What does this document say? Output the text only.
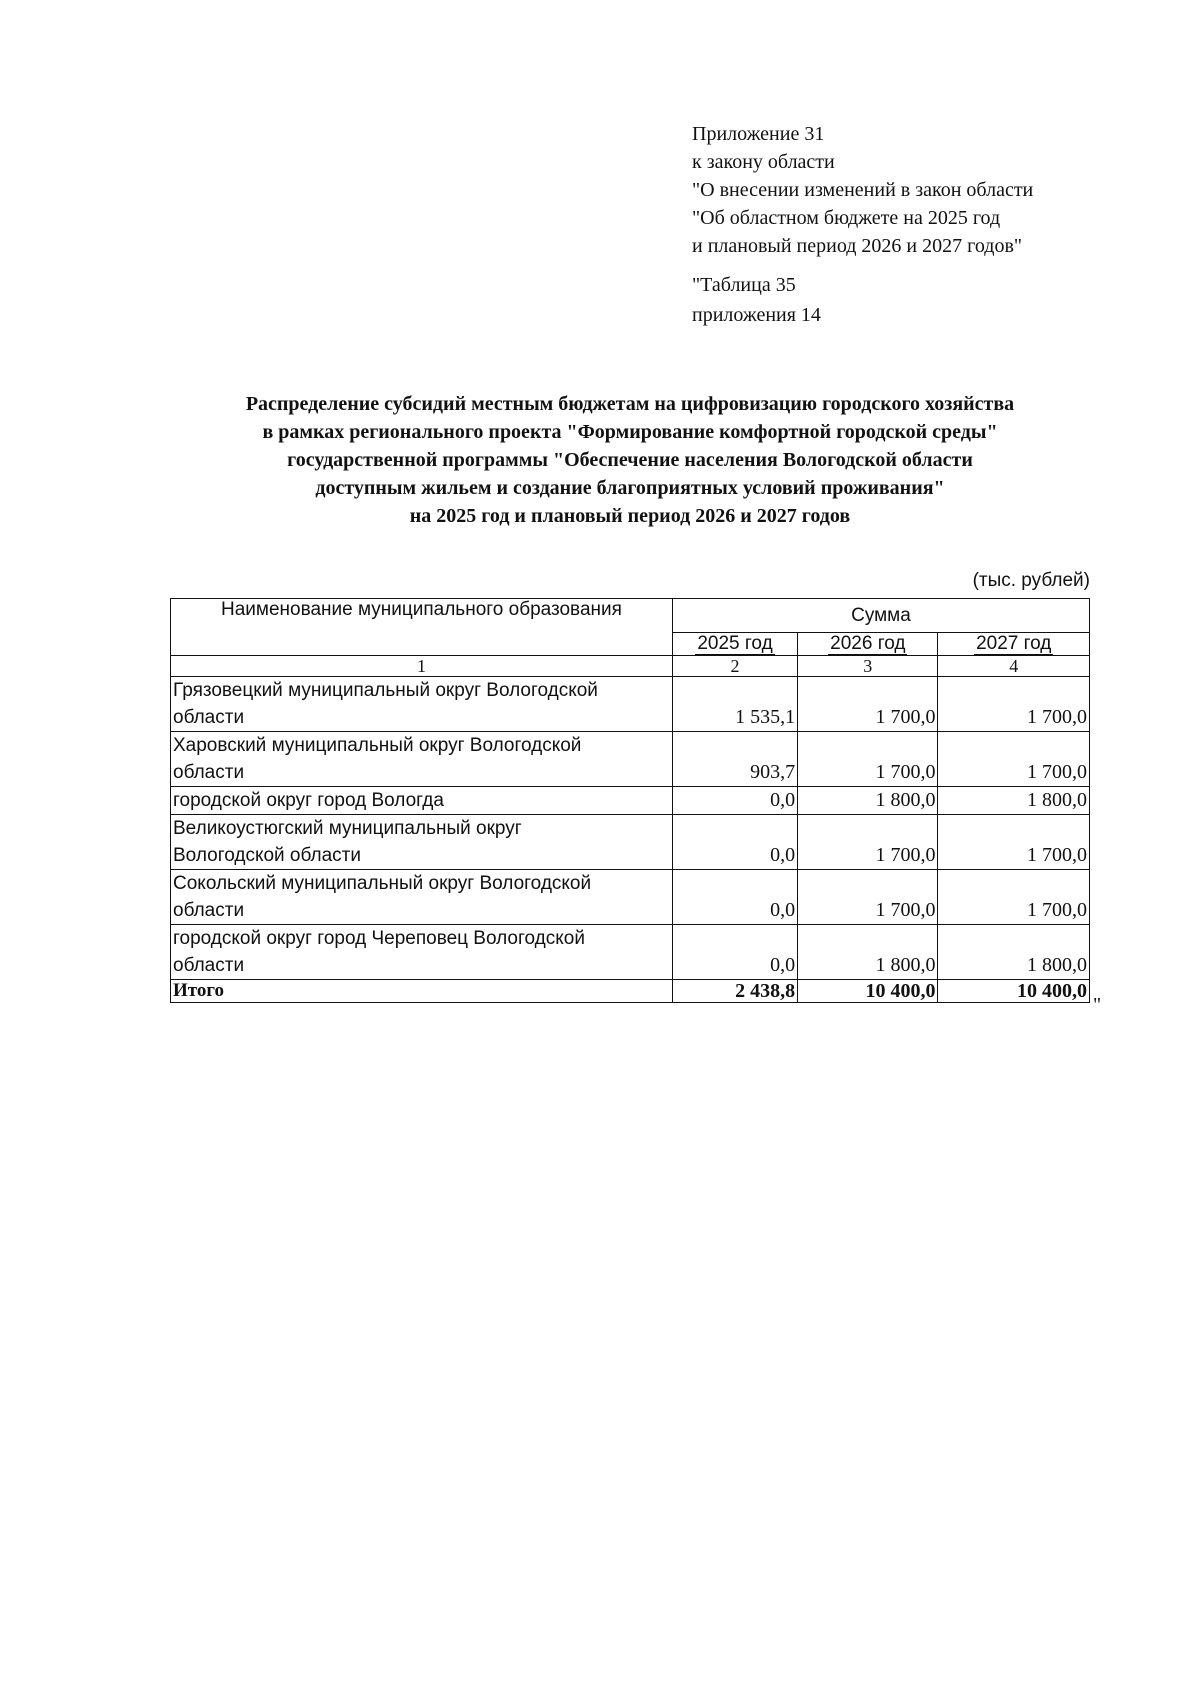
Приложение 31
к закону области
"О внесении изменений в закон области
"Об областном бюджете на 2025 год
и плановый период 2026 и 2027 годов"
"Таблица 35
приложения 14
Распределение субсидий местным бюджетам на цифровизацию городского хозяйства
в рамках регионального проекта "Формирование комфортной городской среды"
государственной программы "Обеспечение населения Вологодской области
доступным жильем и создание благоприятных условий проживания"
на 2025 год и плановый период 2026 и 2027 годов
(тыс. рублей)
Наименование муниципального образования	Сумма		
	2025 год	2026 год	2027 год
1	2	3	4

Грязовецкий муниципальный округ Вологодской
области	1 535,1	1 700,0	1 700,0

Харовский муниципальный округ Вологодской
области	903,7	1 700,0	1 700,0

городской округ город Вологда	0,0	1 800,0	1 800,0

Великоустюгский муниципальный округ
Вологодской области	0,0	1 700,0	1 700,0

Сокольский муниципальный округ Вологодской
области	0,0	1 700,0	1 700,0

городской округ город Череповец Вологодской
области	0,0	1 800,0	1 800,0
Итого	2 438,8	10 400,0	10 400,0
"
